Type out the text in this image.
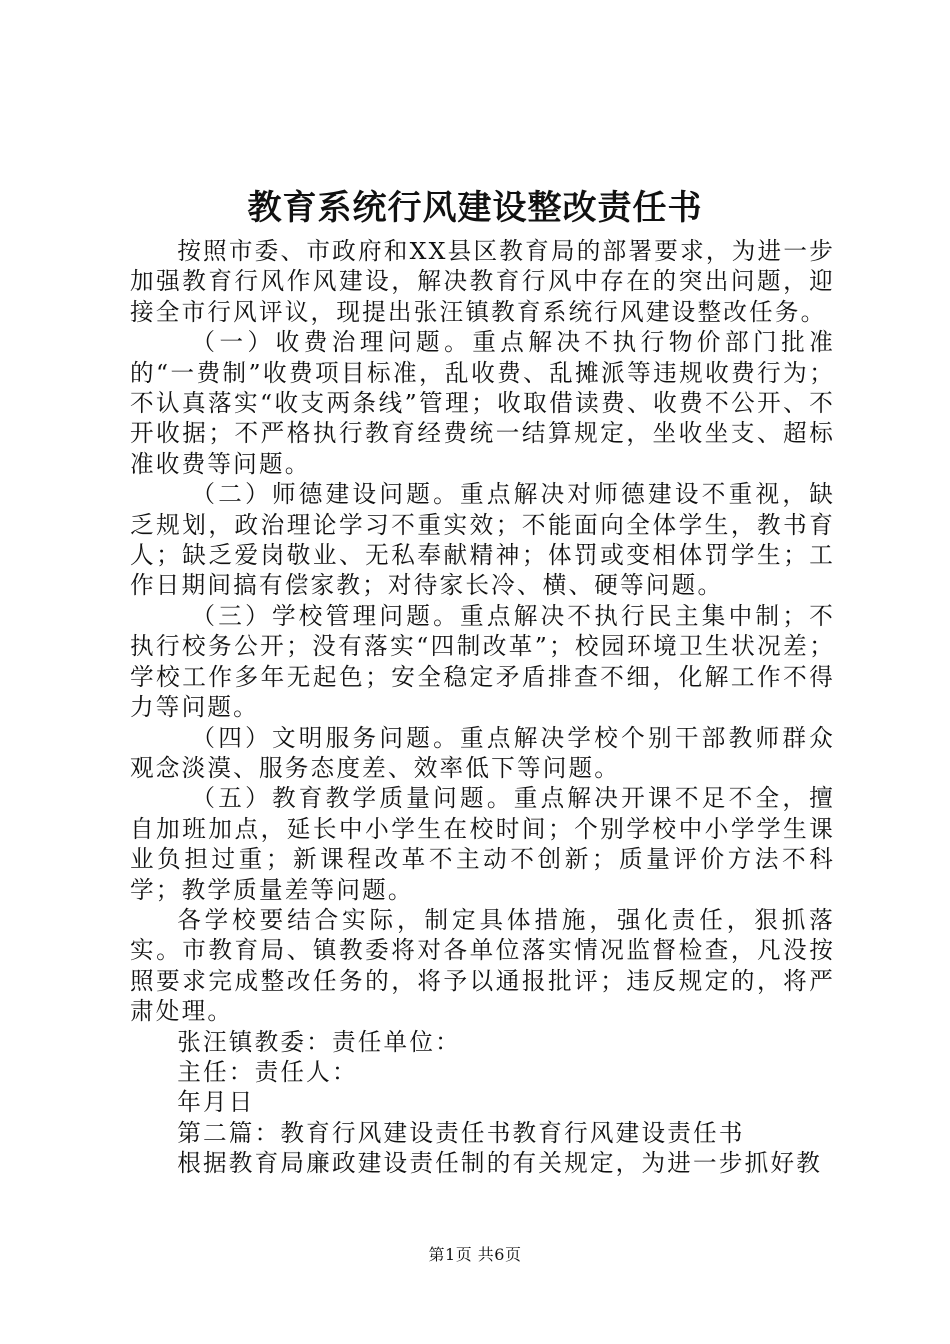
教育系统行风建设整改责任书

按照市委、市政府和XX县区教育局的部署要求，为进一步加强教育行风作风建设，解决教育行风中存在的突出问题，迎接全市行风评议，现提出张汪镇教育系统行风建设整改任务。

（一）收费治理问题。重点解决不执行物价部门批准的“一费制”收费项目标准，乱收费、乱摊派等违规收费行为；不认真落实“收支两条线”管理；收取借读费、收费不公开、不开收据；不严格执行教育经费统一结算规定，坐收坐支、超标准收费等问题。

（二）师德建设问题。重点解决对师德建设不重视，缺乏规划，政治理论学习不重实效；不能面向全体学生，教书育人；缺乏爱岗敬业、无私奉献精神；体罚或变相体罚学生；工作日期间搞有偿家教；对待家长冷、横、硬等问题。

（三）学校管理问题。重点解决不执行民主集中制；不执行校务公开；没有落实“四制改革”；校园环境卫生状况差；学校工作多年无起色；安全稳定矛盾排查不细，化解工作不得力等问题。

（四）文明服务问题。重点解决学校个别干部教师群众观念淡漠、服务态度差、效率低下等问题。

（五）教育教学质量问题。重点解决开课不足不全，擅自加班加点，延长中小学生在校时间；个别学校中小学学生课业负担过重；新课程改革不主动不创新；质量评价方法不科学；教学质量差等问题。

各学校要结合实际，制定具体措施，强化责任，狠抓落实。市教育局、镇教委将对各单位落实情况监督检查，凡没按照要求完成整改任务的，将予以通报批评；违反规定的，将严肃处理。

张汪镇教委：责任单位：

主任：责任人：

年月日

第二篇：教育行风建设责任书教育行风建设责任书

根据教育局廉政建设责任制的有关规定，为进一步抓好教

第1页 共6页
